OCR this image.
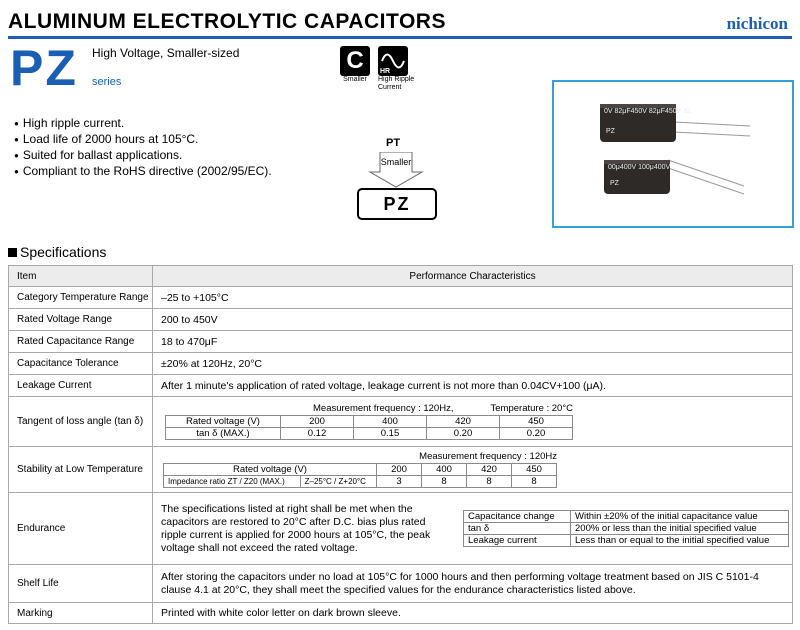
ALUMINUM ELECTROLYTIC CAPACITORS	nichicon
PZ High Voltage, Smaller-sized
series
C
Smaller
HR
High Ripple
Current
● High ripple current.
● Load life of 2000 hours at 105°C.
● Suited for ballast applications.
● Compliant to the RoHS directive (2002/95/EC).
PT
Smaller
PZ
0V 82μF450V 82μF450V 82
PZ
00μ400V 100μ400V
PZ
Specifications
Item	Performance Characteristics
Category Temperature Range	–25 to +105°C
Rated Voltage Range	200 to 450V
Rated Capacitance Range	18 to 470μF
Capacitance Tolerance	±20% at 120Hz, 20°C
Leakage Current	After 1 minute's application of rated voltage, leakage current is not more than 0.04CV+100 (μA).
Tangent of loss angle (tan δ)	
Measurement frequency : 120Hz,	Temperature : 20°C
Rated voltage (V)	200	400	420	450
tan δ (MAX.)	0.12	0.15	0.20	0.20

Stability at Low Temperature	
Measurement frequency : 120Hz
Rated voltage (V)	200	400	420	450
Impedance ratio ZT / Z20 (MAX.)	Z–25°C / Z+20°C	3	8	8	8

Endurance	
The specifications listed at right shall be met when the capacitors are restored to 20°C after D.C. bias plus rated ripple current is applied for 2000 hours at 105°C, the peak voltage shall not exceed the rated voltage.
Capacitance change	Within ±20% of the initial capacitance value
tan δ	200% or less than the initial specified value
Leakage current	Less than or equal to the initial specified value

Shelf Life	After storing the capacitors under no load at 105°C for 1000 hours and then performing voltage treatment based on JIS C 5101-4 clause 4.1 at 20°C, they shall meet the specified values for the endurance characteristics listed above.
Marking	Printed with white color letter on dark brown sleeve.
